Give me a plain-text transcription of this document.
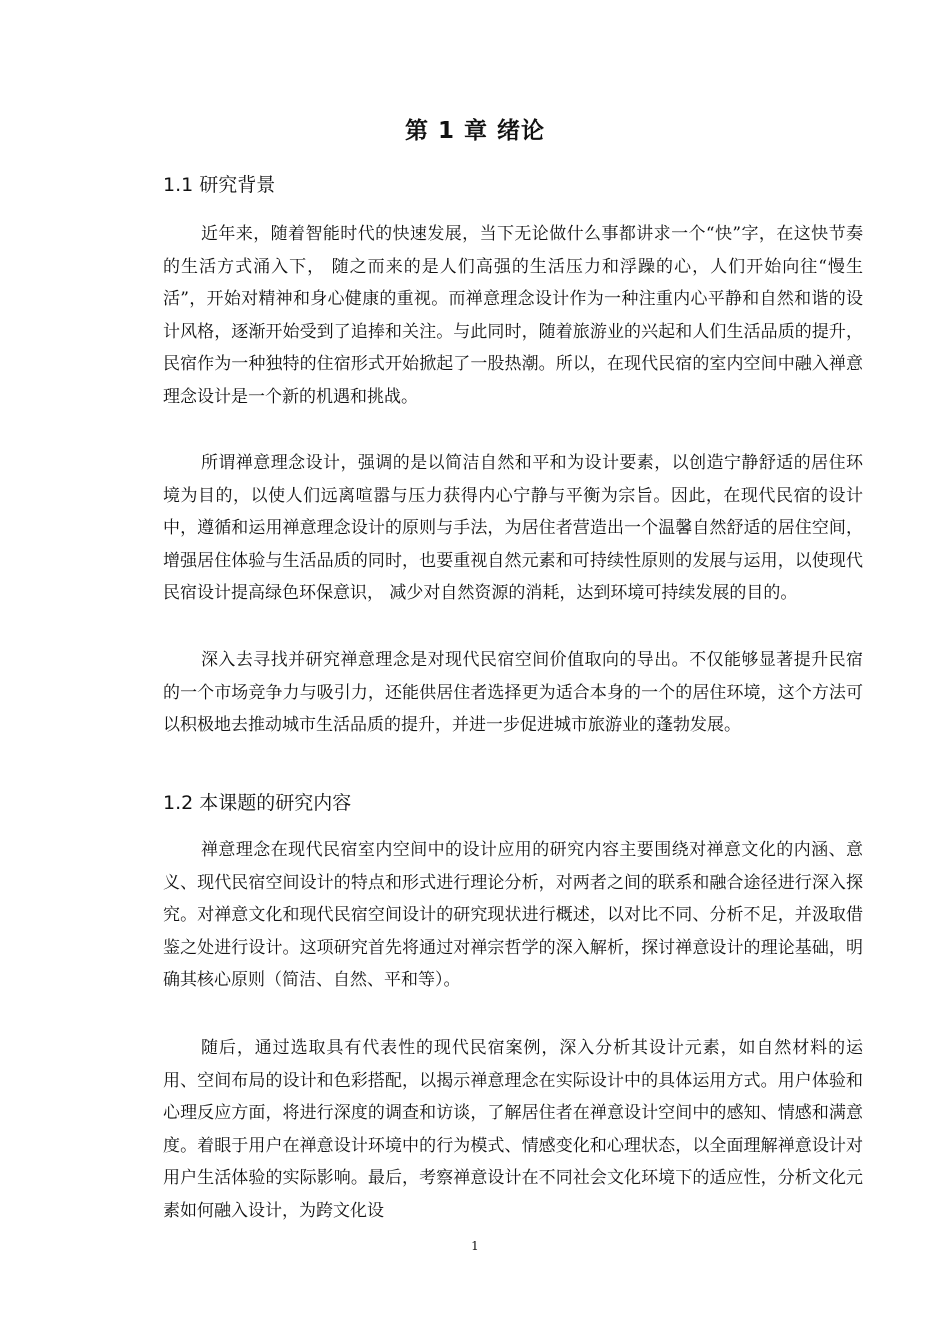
第 1 章 绪论
1.1 研究背景

近年来，随着智能时代的快速发展，当下无论做什么事都讲求一个“快”字，在这快节奏的生活方式涌入下， 随之而来的是人们高强的生活压力和浮躁的心，人们开始向往“慢生活”，开始对精神和身心健康的重视。而禅意理念设计作为一种注重内心平静和自然和谐的设计风格，逐渐开始受到了追捧和关注。与此同时，随着旅游业的兴起和人们生活品质的提升，民宿作为一种独特的住宿形式开始掀起了一股热潮。所以，在现代民宿的室内空间中融入禅意理念设计是一个新的机遇和挑战。

所谓禅意理念设计，强调的是以简洁自然和平和为设计要素，以创造宁静舒适的居住环境为目的，以使人们远离喧嚣与压力获得内心宁静与平衡为宗旨。因此，在现代民宿的设计中，遵循和运用禅意理念设计的原则与手法，为居住者营造出一个温馨自然舒适的居住空间，增强居住体验与生活品质的同时，也要重视自然元素和可持续性原则的发展与运用，以使现代民宿设计提高绿色环保意识， 减少对自然资源的消耗，达到环境可持续发展的目的。

深入去寻找并研究禅意理念是对现代民宿空间价值取向的导出。不仅能够显著提升民宿的一个市场竞争力与吸引力，还能供居住者选择更为适合本身的一个的居住环境，这个方法可以积极地去推动城市生活品质的提升，并进一步促进城市旅游业的蓬勃发展。

1.2 本课题的研究内容

禅意理念在现代民宿室内空间中的设计应用的研究内容主要围绕对禅意文化的内涵、意义、现代民宿空间设计的特点和形式进行理论分析，对两者之间的联系和融合途径进行深入探究。对禅意文化和现代民宿空间设计的研究现状进行概述，以对比不同、分析不足，并汲取借鉴之处进行设计。这项研究首先将通过对禅宗哲学的深入解析，探讨禅意设计的理论基础，明确其核心原则（简洁、自然、平和等）。

随后，通过选取具有代表性的现代民宿案例，深入分析其设计元素，如自然材料的运用、空间布局的设计和色彩搭配，以揭示禅意理念在实际设计中的具体运用方式。用户体验和心理反应方面，将进行深度的调查和访谈，了解居住者在禅意设计空间中的感知、情感和满意度。着眼于用户在禅意设计环境中的行为模式、情感变化和心理状态，以全面理解禅意设计对用户生活体验的实际影响。最后，考察禅意设计在不同社会文化环境下的适应性，分析文化元素如何融入设计，为跨文化设

1
